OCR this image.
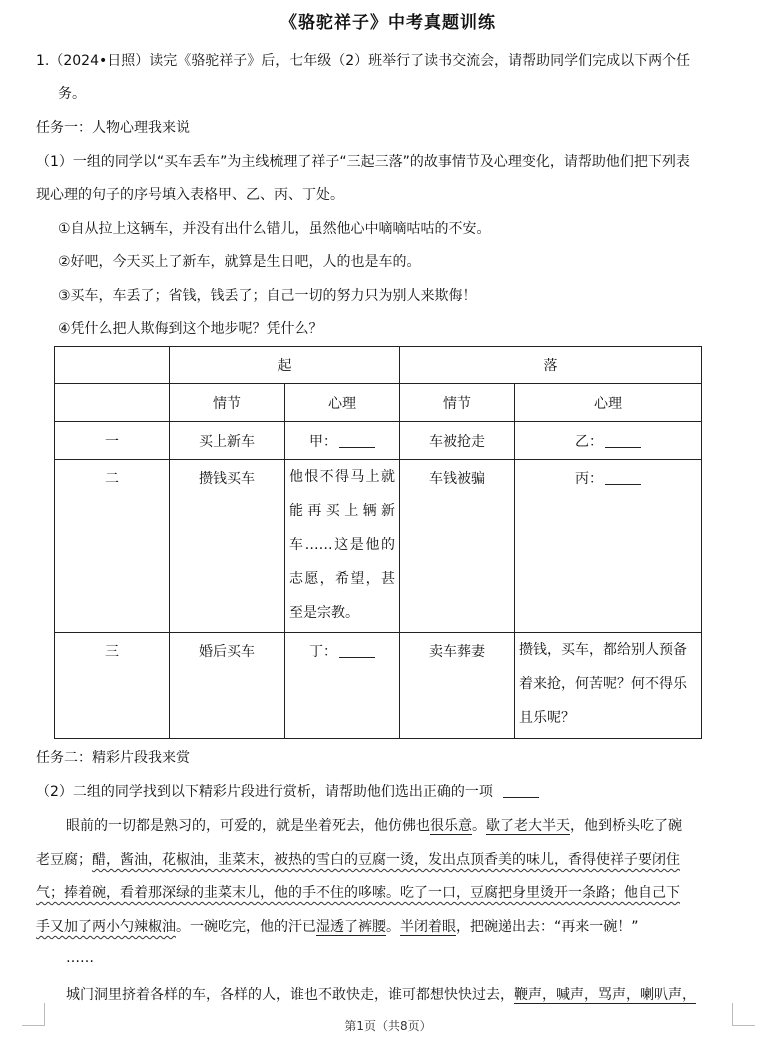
《骆驼祥子》中考真题训练
1.（2024•日照）读完《骆驼祥子》后，七年级（2）班举行了读书交流会，请帮助同学们完成以下两个任
务。
任务一：人物心理我来说
（1）一组的同学以“买车丢车”为主线梳理了祥子“三起三落”的故事情节及心理变化，请帮助他们把下列表
现心理的句子的序号填入表格甲、乙、丙、丁处。
①自从拉上这辆车，并没有出什么错儿，虽然他心中嘀嘀咕咕的不安。
②好吧，今天买上了新车，就算是生日吧，人的也是车的。
③买车，车丢了；省钱，钱丢了；自己一切的努力只为别人来欺侮！
④凭什么把人欺侮到这个地步呢？凭什么？
	起		落	
	情节	心理	情节	心理
一	买上新车	甲：	车被抢走	乙：
二	攒钱买车	他恨不得马上就能再买上辆新车……这是他的志愿，希望，甚至是宗教。	车钱被骗	丙：
三	婚后买车	丁：	卖车葬妻	攒钱，买车，都给别人预备着来抢，何苦呢？何不得乐且乐呢？
任务二：精彩片段我来赏
（2）二组的同学找到以下精彩片段进行赏析，请帮助他们选出正确的一项
眼前的一切都是熟习的，可爱的，就是坐着死去，他仿佛也很乐意。歇了老大半天，他到桥头吃了碗
老豆腐；醋，酱油，花椒油，韭菜末，被热的雪白的豆腐一烫，发出点顶香美的味儿，香得使祥子要闭住
气；捧着碗，看着那深绿的韭菜末儿，他的手不住的哆嗦。吃了一口，豆腐把身里烫开一条路；他自己下
手又加了两小勺辣椒油。一碗吃完，他的汗已湿透了裤腰。半闭着眼，把碗递出去：“再来一碗！”
……
城门洞里挤着各样的车，各样的人，谁也不敢快走，谁可都想快快过去，鞭声，喊声，骂声，喇叭声，
第1页（共8页）
